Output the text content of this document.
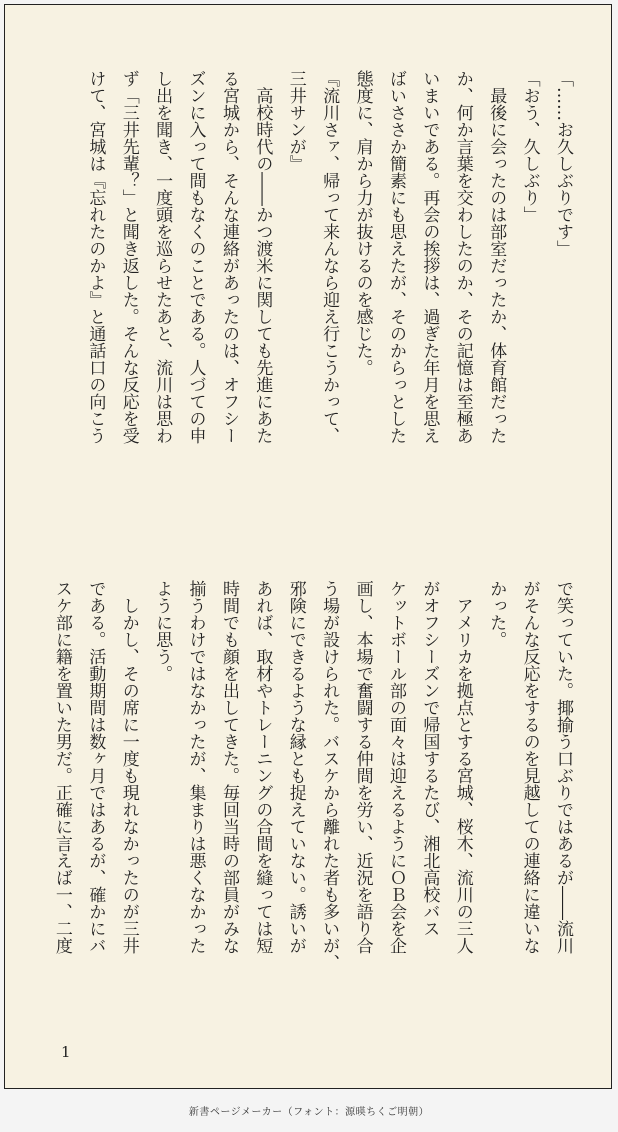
「……お久しぶりです」
「おう、久しぶり」
　最後に会ったのは部室だったか、体育館だった
か、何か言葉を交わしたのか、その記憶は至極あ
いまいである。再会の挨拶は、過ぎた年月を思え
ばいささか簡素にも思えたが、そのからっとした
態度に、肩から力が抜けるのを感じた。
『流川さァ、帰って来んなら迎え行こうかって、
三井サンが』
　高校時代の――かつ渡米に関しても先進にあた
る宮城から、そんな連絡があったのは、オフシー
ズンに入って間もなくのことである。人づての申
し出を聞き、一度頭を巡らせたあと、流川は思わ
ず「三井先輩？」と聞き返した。そんな反応を受
けて、宮城は『忘れたのかよ』と通話口の向こう
で笑っていた。揶揄う口ぶりではあるが――流川
がそんな反応をするのを見越しての連絡に違いな
かった。
　アメリカを拠点とする宮城、桜木、流川の三人
がオフシーズンで帰国するたび、湘北高校バス
ケットボール部の面々は迎えるようにＯＢ会を企
画し、本場で奮闘する仲間を労い、近況を語り合
う場が設けられた。バスケから離れた者も多いが、
邪険にできるような縁とも捉えていない。誘いが
あれば、取材やトレーニングの合間を縫っては短
時間でも顔を出してきた。毎回当時の部員がみな
揃うわけではなかったが、集まりは悪くなかった
ように思う。
　しかし、その席に一度も現れなかったのが三井
である。活動期間は数ヶ月ではあるが、確かにバ
スケ部に籍を置いた男だ。正確に言えば一、二度
1
新書ページメーカー（フォント：源暎ちくご明朝）
